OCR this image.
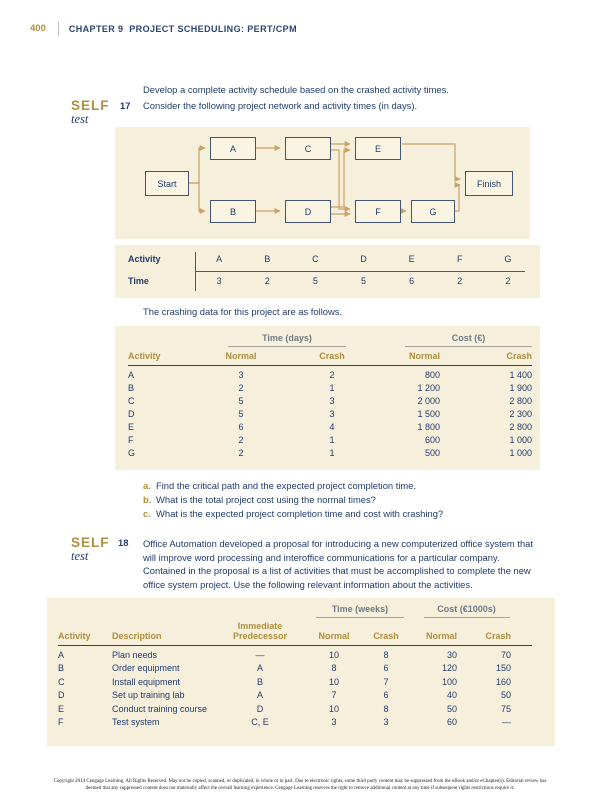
400	CHAPTER 9  PROJECT SCHEDULING: PERT/CPM
Develop a complete activity schedule based on the crashed activity times.
SELF
test
17 Consider the following project network and activity times (in days).
Start
A	C	E
B	D	F	G
Finish
Activity	A	B	C	D	E	F	G
Time	3	2	5	5	6	2	2
The crashing data for this project are as follows.
Time (days)	Cost (€)
Activity	Normal	Crash	Normal	Crash
A	3	2	800	1 400
B	2	1	1 200	1 900
C	5	3	2 000	2 800
D	5	3	1 500	2 300
E	6	4	1 800	2 800
F	2	1	600	1 000
G	2	1	500	1 000
a. Find the critical path and the expected project completion time.
b. What is the total project cost using the normal times?
c. What is the expected project completion time and cost with crashing?
SELF
test
18 Office Automation developed a proposal for introducing a new computerized office system that
will improve word processing and interoffice communications for a particular company.
Contained in the proposal is a list of activities that must be accomplished to complete the new
office system project. Use the following relevant information about the activities.
Time (weeks)	Cost (€1000s)
Activity	Description
Immediate
Predecessor	Normal	Crash	Normal	Crash
A	Plan needs	—	10	8	30	70
B	Order equipment	A	8	6	120	150
C	Install equipment	B	10	7	100	160
D	Set up training lab	A	7	6	40	50
E	Conduct training course	D	10	8	50	75
F	Test system	C, E	3	3	60	—
Copyright 2014 Cengage Learning. All Rights Reserved. May not be copied, scanned, or duplicated, in whole or in part. Due to electronic rights, some third party content may be suppressed from the eBook and/or eChapter(s). Editorial review has
deemed that any suppressed content does not materially affect the overall learning experience. Cengage Learning reserves the right to remove additional content at any time if subsequent rights restrictions require it.
